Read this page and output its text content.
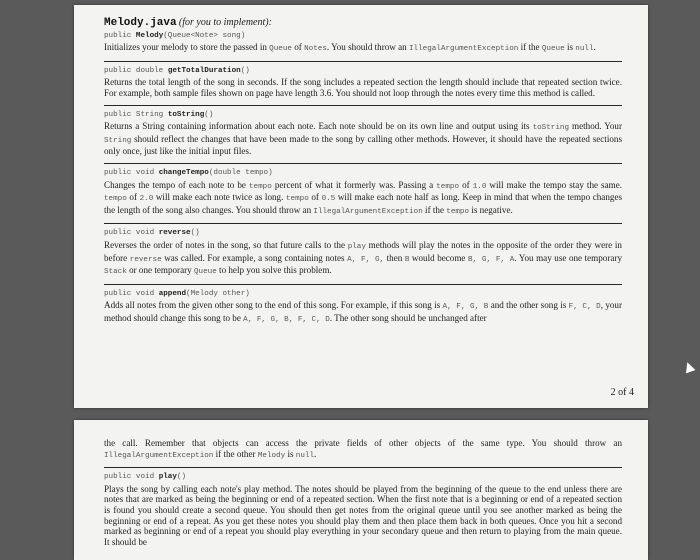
Melody.java (for you to implement):
public Melody(Queue<Note> song)
Initializes your melody to store the passed in Queue of Notes. You should throw an IllegalArgumentException if the Queue is null.
public double getTotalDuration()
Returns the total length of the song in seconds. If the song includes a repeated section the length should include that repeated section twice. For example, both sample files shown on page have length 3.6. You should not loop through the notes every time this method is called.
public String toString()
Returns a String containing information about each note. Each note should be on its own line and output using its toString method. Your String should reflect the changes that have been made to the song by calling other methods. However, it should have the repeated sections only once, just like the initial input files.
public void changeTempo(double tempo)
Changes the tempo of each note to be tempo percent of what it formerly was. Passing a tempo of 1.0 will make the tempo stay the same. tempo of 2.0 will make each note twice as long. tempo of 0.5 will make each note half as long. Keep in mind that when the tempo changes the length of the song also changes. You should throw an IllegalArgumentException if the tempo is negative.
public void reverse()
Reverses the order of notes in the song, so that future calls to the play methods will play the notes in the opposite of the order they were in before reverse was called. For example, a song containing notes A, F, G, then B would become B, G, F, A. You may use one temporary Stack or one temporary Queue to help you solve this problem.
public void append(Melody other)
Adds all notes from the given other song to the end of this song. For example, if this song is A, F, G, B and the other song is F, C, D, your method should change this song to be A, F, G, B, F, C, D. The other song should be unchanged after
2 of 4
the call. Remember that objects can access the private fields of other objects of the same type. You should throw an IllegalArgumentException if the other Melody is null.
public void play()
Plays the song by calling each note's play method. The notes should be played from the beginning of the queue to the end unless there are notes that are marked as being the beginning or end of a repeated section. When the first note that is a beginning or end of a repeated section is found you should create a second queue. You should then get notes from the original queue until you see another marked as being the beginning or end of a repeat. As you get these notes you should play them and then place them back in both queues. Once you hit a second marked as beginning or end of a repeat you should play everything in your secondary queue and then return to playing from the main queue. It should be
